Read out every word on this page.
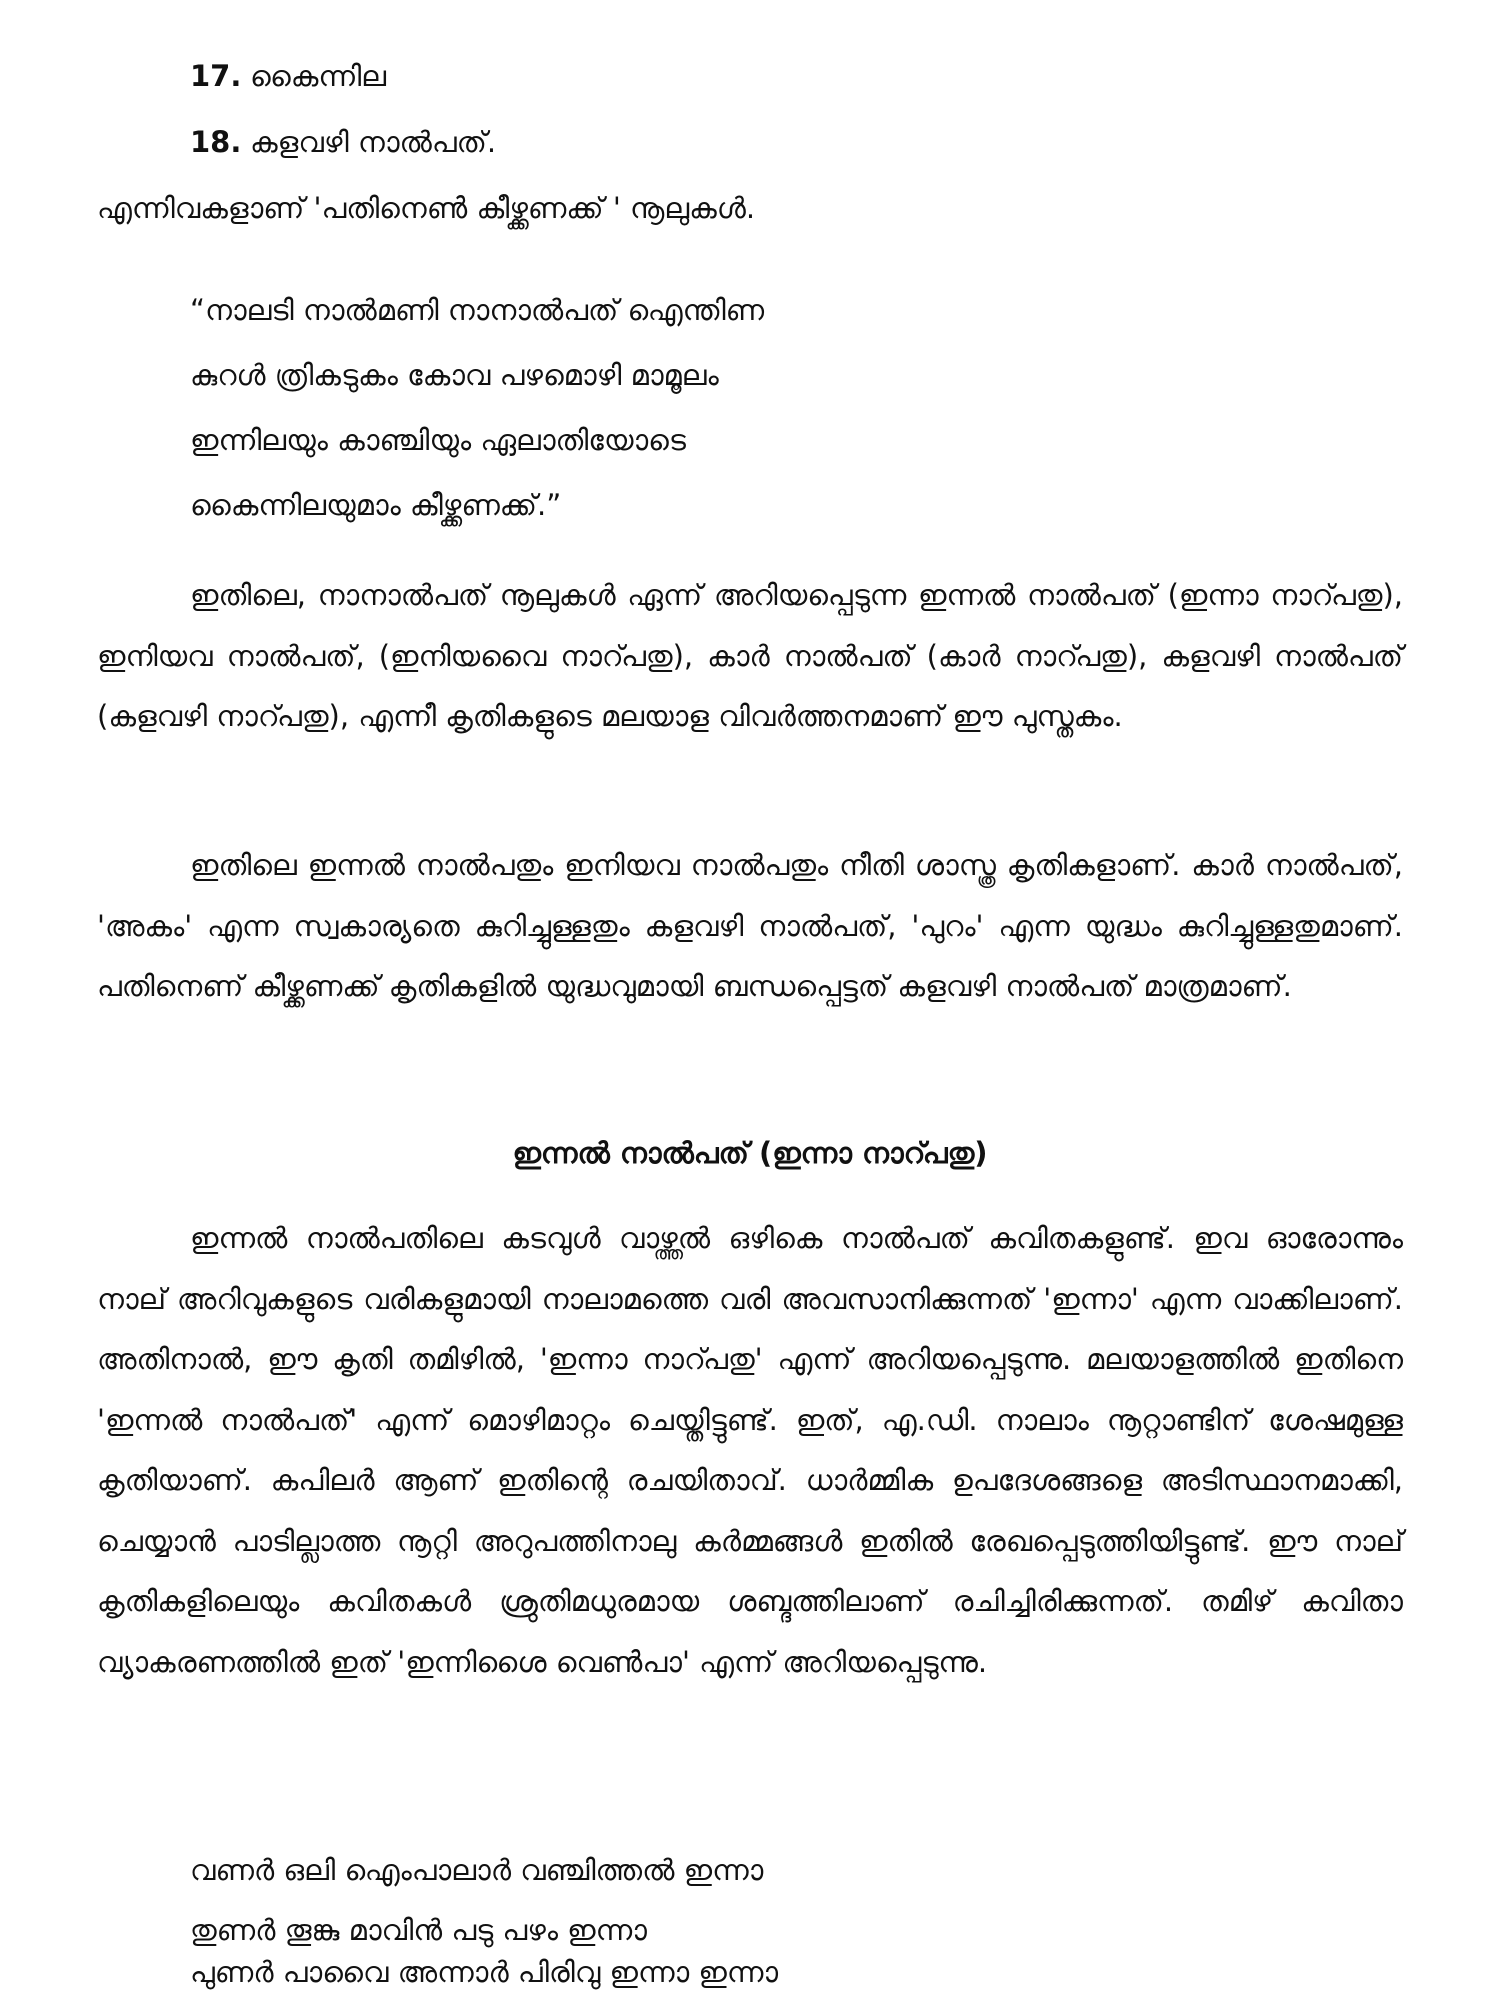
17. കൈന്നില
18. കളവഴി നാൽപത്.
എന്നിവകളാണ് 'പതിനെൺ കീഴ്ക്കണക്ക് ' നൂലുകൾ.
“നാലടി നാൽമണി നാനാൽപത് ഐന്തിണ
കുറൾ ത്രികടുകം കോവ പഴമൊഴി മാമൂലം
ഇന്നിലയും കാഞ്ചിയും ഏലാതിയോടെ
കൈന്നിലയുമാം കീഴ്ക്കണക്ക്.”
ഇതിലെ, നാനാൽപത് നൂലുകൾ ഏന്ന് അറിയപ്പെടുന്ന ഇന്നൽ നാൽപത് (ഇന്നാ നാറ്പതു), ഇനിയവ നാൽപത്, (ഇനിയവൈ നാറ്പതു), കാർ നാൽപത് (കാർ നാറ്പതു), കളവഴി നാൽപത് (കളവഴി നാറ്പതു), എന്നീ കൃതികളുടെ മലയാള വിവർത്തനമാണ് ഈ പുസ്തകം.
ഇതിലെ ഇന്നൽ നാൽപതും ഇനിയവ നാൽപതും നീതി ശാസ്ത്ര കൃതികളാണ്. കാർ നാൽപത്, 'അകം' എന്ന സ്വകാര്യതെ കുറിച്ചുള്ളതും കളവഴി നാൽപത്, 'പുറം' എന്ന യുദ്ധം കുറിച്ചുള്ളതുമാണ്. പതിനെണ് കീഴ്ക്കണക്ക് കൃതികളിൽ യുദ്ധവുമായി ബന്ധപ്പെട്ടത് കളവഴി നാൽപത് മാത്രമാണ്.
ഇന്നൽ നാൽപത് (ഇന്നാ നാറ്പതു)
ഇന്നൽ നാൽപതിലെ കടവുൾ വാഴ്ത്തൽ ഒഴികെ നാൽപത് കവിതകളുണ്ട്. ഇവ ഓരോന്നും നാല് അറിവുകളുടെ വരികളുമായി നാലാമത്തെ വരി അവസാനിക്കുന്നത് 'ഇന്നാ' എന്ന വാക്കിലാണ്. അതിനാൽ, ഈ കൃതി തമിഴിൽ, 'ഇന്നാ നാറ്പതു' എന്ന് അറിയപ്പെടുന്നു. മലയാളത്തിൽ ഇതിനെ 'ഇന്നൽ നാൽപത്' എന്ന് മൊഴിമാറ്റം ചെയ്തിട്ടുണ്ട്. ഇത്, എ.ഡി. നാലാം നൂറ്റാണ്ടിന് ശേഷമുള്ള കൃതിയാണ്. കപിലർ ആണ് ഇതിന്റെ രചയിതാവ്. ധാർമ്മിക ഉപദേശങ്ങളെ അടിസ്ഥാനമാക്കി, ചെയ്യാൻ പാടില്ലാത്ത നൂറ്റി അറുപത്തിനാലു കർമ്മങ്ങൾ ഇതിൽ രേഖപ്പെടുത്തിയിട്ടുണ്ട്. ഈ നാല് കൃതികളിലെയും കവിതകൾ ശ്രുതിമധുരമായ ശബ്ദത്തിലാണ് രചിച്ചിരിക്കുന്നത്. തമിഴ് കവിതാ വ്യാകരണത്തിൽ ഇത് 'ഇന്നിശൈ വെൺപാ' എന്ന് അറിയപ്പെടുന്നു.
വണർ ഒലി ഐംപാലാർ വഞ്ചിത്തൽ ഇന്നാ
തുണർ തൂങ്കു മാവിൻ പടു പഴം ഇന്നാ
പുണർ പാവൈ അന്നാർ പിരിവു ഇന്നാ ഇന്നാ
